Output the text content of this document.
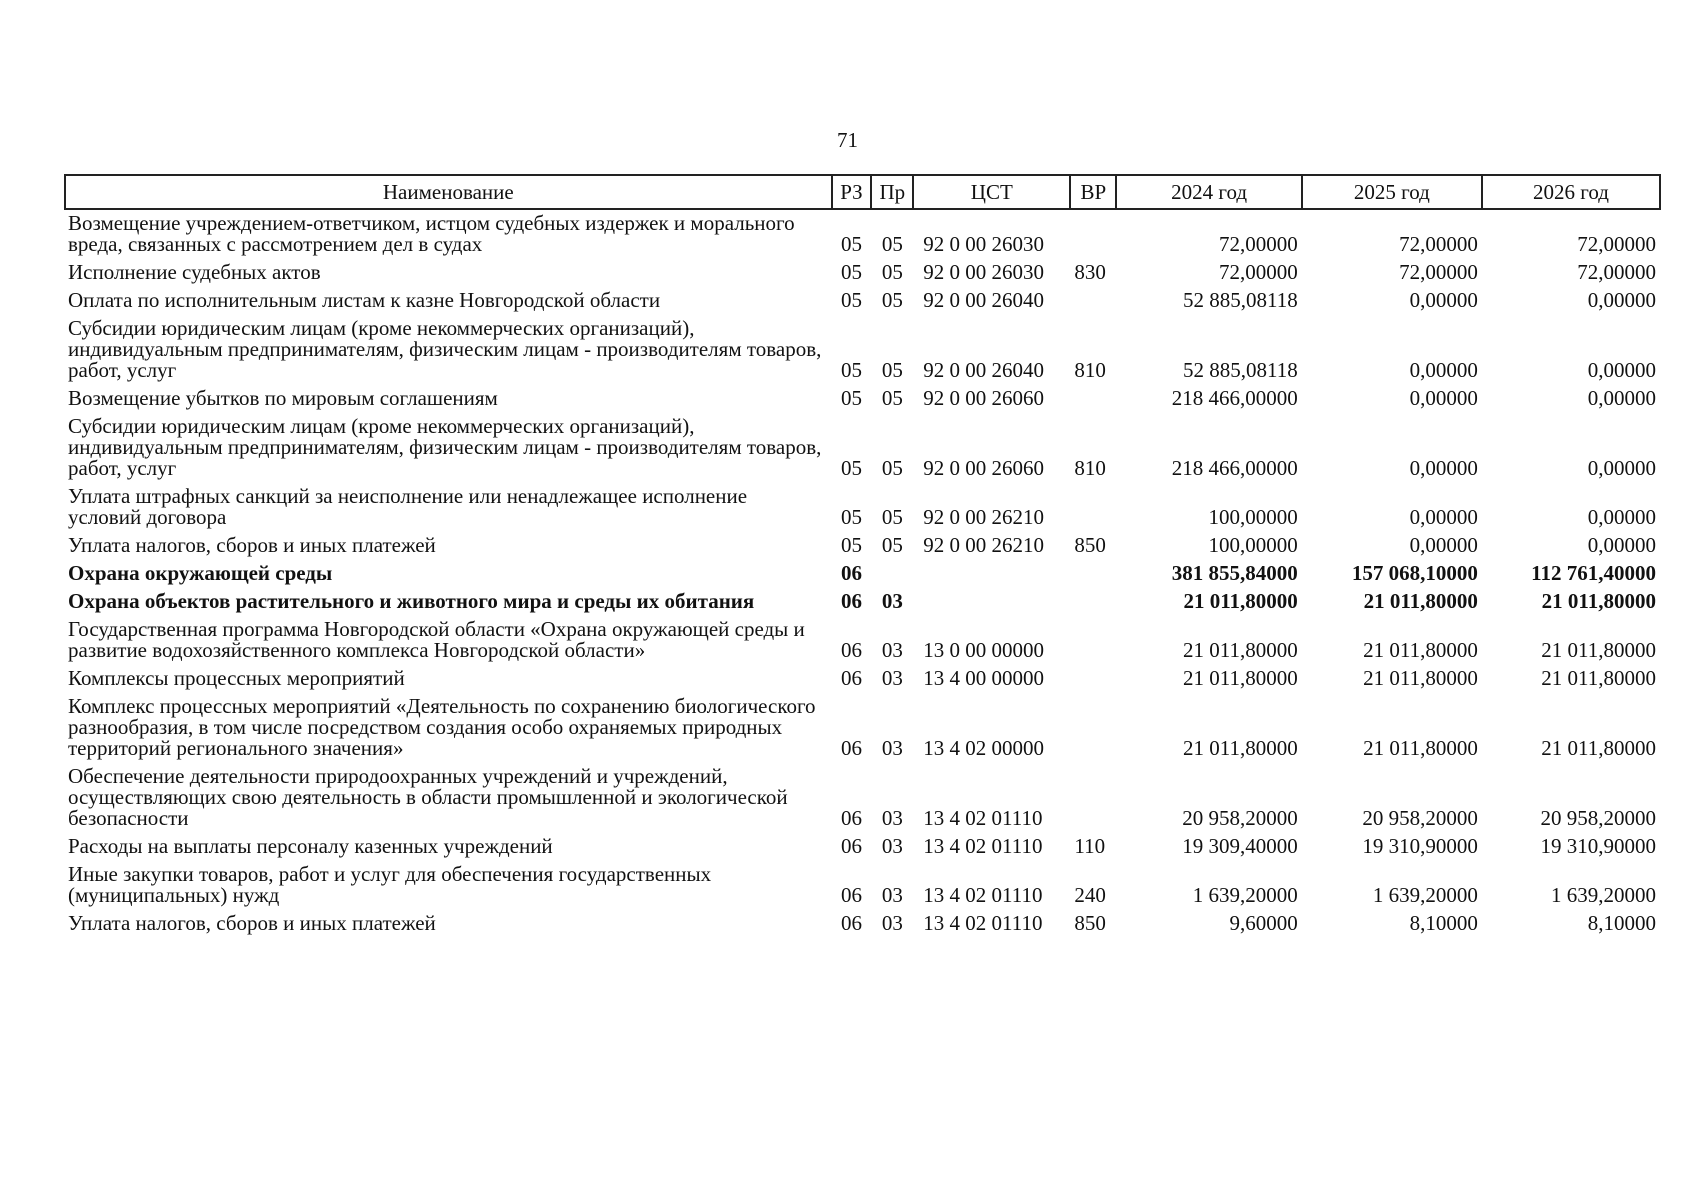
71
Наименование	РЗ	Пр	ЦСТ	ВР	2024 год	2025 год	2026 год
Возмещение учреждением-ответчиком, истцом судебных издержек и морального вреда, связанных с рассмотрением дел в судах	05	05	92 0 00 26030		72,00000	72,00000	72,00000
Исполнение судебных актов	05	05	92 0 00 26030	830	72,00000	72,00000	72,00000
Оплата по исполнительным листам к казне Новгородской области	05	05	92 0 00 26040		52 885,08118	0,00000	0,00000
Субсидии юридическим лицам (кроме некоммерческих организаций), индивидуальным предпринимателям, физическим лицам - производителям товаров, работ, услуг	05	05	92 0 00 26040	810	52 885,08118	0,00000	0,00000
Возмещение убытков по мировым соглашениям	05	05	92 0 00 26060		218 466,00000	0,00000	0,00000
Субсидии юридическим лицам (кроме некоммерческих организаций), индивидуальным предпринимателям, физическим лицам - производителям товаров, работ, услуг	05	05	92 0 00 26060	810	218 466,00000	0,00000	0,00000
Уплата штрафных санкций за неисполнение или ненадлежащее исполнение условий договора	05	05	92 0 00 26210		100,00000	0,00000	0,00000
Уплата налогов, сборов и иных платежей	05	05	92 0 00 26210	850	100,00000	0,00000	0,00000
Охрана окружающей среды	06				381 855,84000	157 068,10000	112 761,40000
Охрана объектов растительного и животного мира и среды их обитания	06	03			21 011,80000	21 011,80000	21 011,80000
Государственная программа Новгородской области «Охрана окружающей среды и развитие водохозяйственного комплекса Новгородской области»	06	03	13 0 00 00000		21 011,80000	21 011,80000	21 011,80000
Комплексы процессных мероприятий	06	03	13 4 00 00000		21 011,80000	21 011,80000	21 011,80000
Комплекс процессных мероприятий «Деятельность по сохранению биологического разнообразия, в том числе посредством создания особо охраняемых природных территорий регионального значения»	06	03	13 4 02 00000		21 011,80000	21 011,80000	21 011,80000
Обеспечение деятельности природоохранных учреждений и учреждений, осуществляющих свою деятельность в области промышленной и экологической безопасности	06	03	13 4 02 01110		20 958,20000	20 958,20000	20 958,20000
Расходы на выплаты персоналу казенных учреждений	06	03	13 4 02 01110	110	19 309,40000	19 310,90000	19 310,90000
Иные закупки товаров, работ и услуг для обеспечения государственных (муниципальных) нужд	06	03	13 4 02 01110	240	1 639,20000	1 639,20000	1 639,20000
Уплата налогов, сборов и иных платежей	06	03	13 4 02 01110	850	9,60000	8,10000	8,10000
